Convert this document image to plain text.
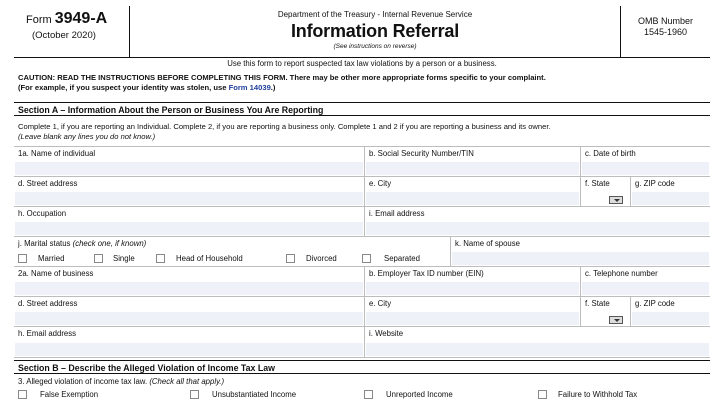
Form 3949-A
(October 2020)
Department of the Treasury - Internal Revenue Service
Information Referral
(See instructions on reverse)
OMB Number
1545-1960
Use this form to report suspected tax law violations by a person or a business.
CAUTION: READ THE INSTRUCTIONS BEFORE COMPLETING THIS FORM. There may be other more appropriate forms specific to your complaint.
(For example, if you suspect your identity was stolen, use Form 14039.)
Section A – Information About the Person or Business You Are Reporting
Complete 1, if you are reporting an Individual. Complete 2, if you are reporting a business only. Complete 1 and 2 if you are reporting a business and its owner.
(Leave blank any lines you do not know.)
1a. Name of individual	b. Social Security Number/TIN	c. Date of birth
d. Street address	e. City	f. State	g. ZIP code
h. Occupation	i. Email address
j. Marital status (check one, if known)	k. Name of spouse
Married	Single	Head of Household	Divorced	Separated
2a. Name of business	b. Employer Tax ID number (EIN)	c. Telephone number
d. Street address	e. City	f. State	g. ZIP code
h. Email address	i. Website
Section B – Describe the Alleged Violation of Income Tax Law
3. Alleged violation of income tax law. (Check all that apply.)
False Exemption	Unsubstantiated Income	Unreported Income	Failure to Withhold Tax
